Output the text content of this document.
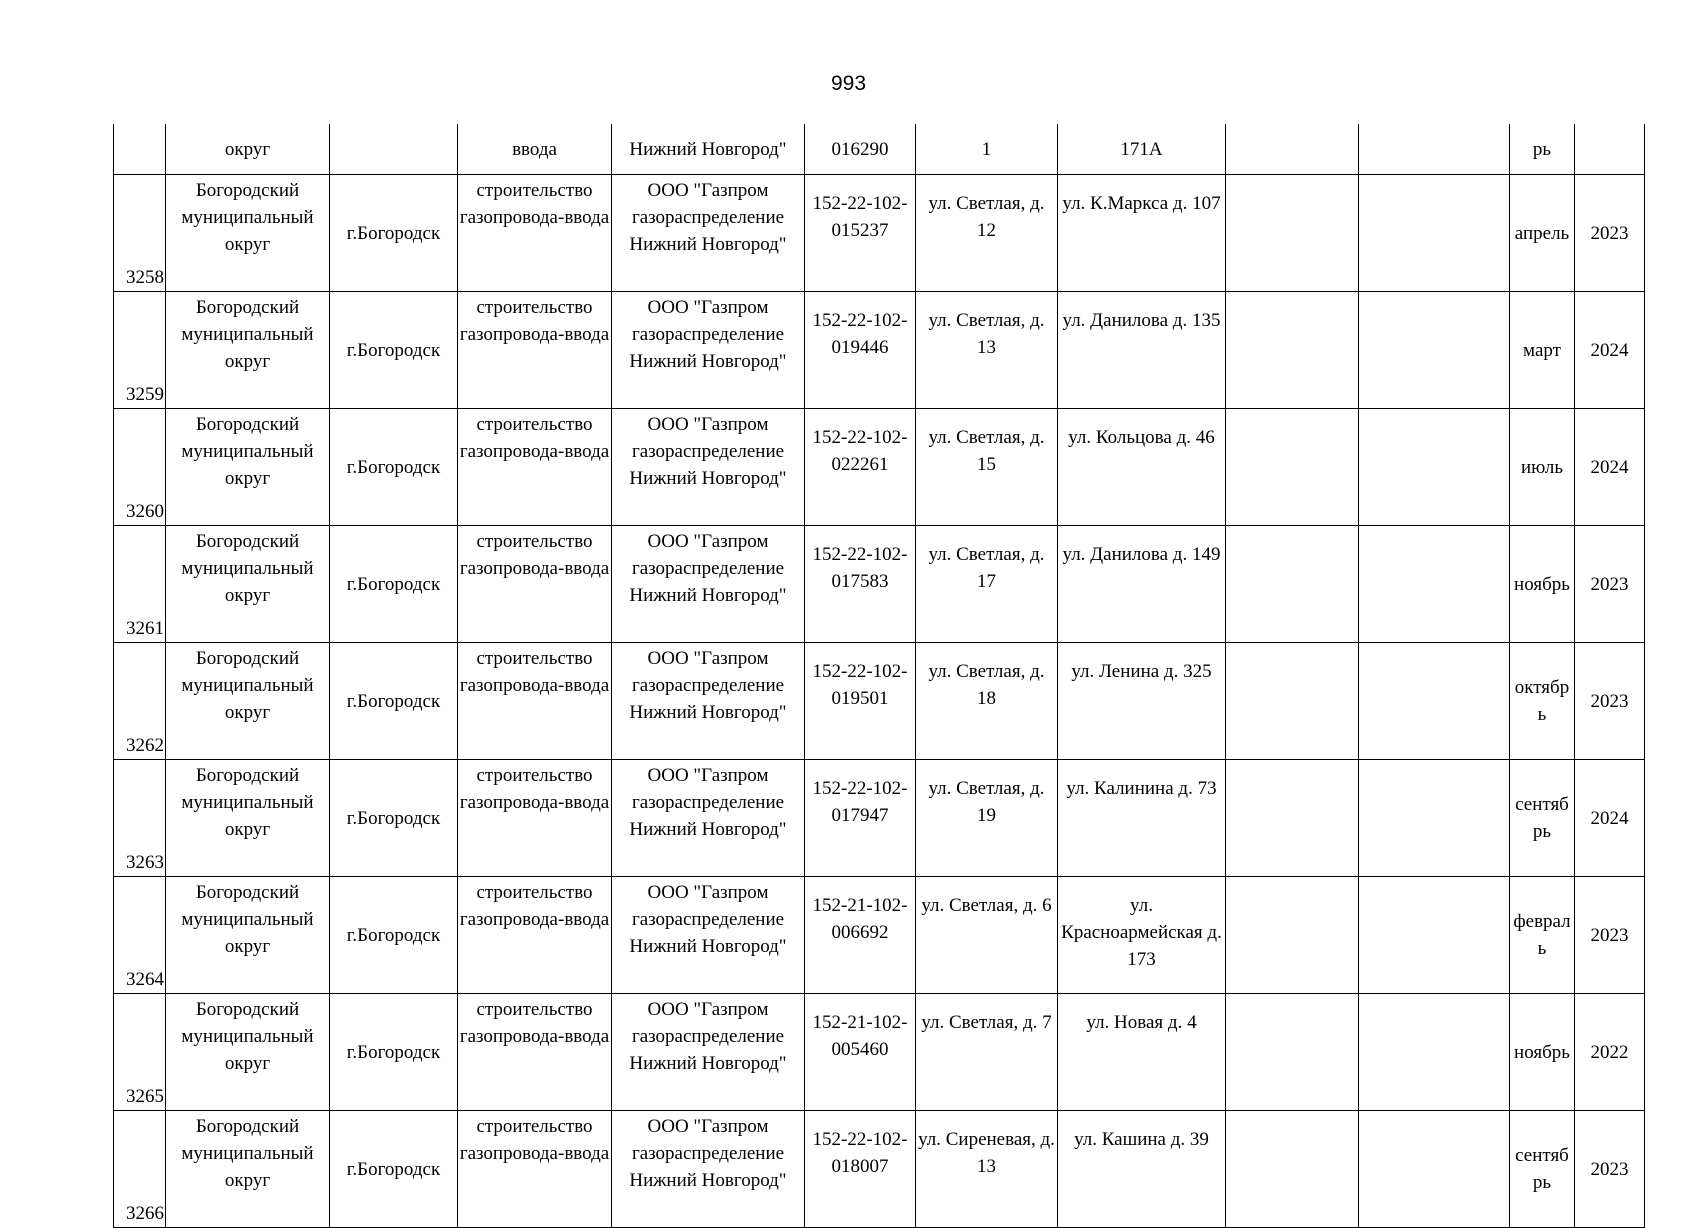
993
	округ		ввода	Нижний Новгород"	016290	1	171А			рь	
3258	Богородский муниципальный округ	г.Богородск	строительство газопровода-ввода	ООО "Газпром газораспределение Нижний Новгород"	152-22-102-015237	ул. Светлая, д. 12	ул. К.Маркса д. 107			апрель	2023
3259	Богородский муниципальный округ	г.Богородск	строительство газопровода-ввода	ООО "Газпром газораспределение Нижний Новгород"	152-22-102-019446	ул. Светлая, д. 13	ул. Данилова д. 135			март	2024
3260	Богородский муниципальный округ	г.Богородск	строительство газопровода-ввода	ООО "Газпром газораспределение Нижний Новгород"	152-22-102-022261	ул. Светлая, д. 15	ул. Кольцова д. 46			июль	2024
3261	Богородский муниципальный округ	г.Богородск	строительство газопровода-ввода	ООО "Газпром газораспределение Нижний Новгород"	152-22-102-017583	ул. Светлая, д. 17	ул. Данилова д. 149			ноябрь	2023
3262	Богородский муниципальный округ	г.Богородск	строительство газопровода-ввода	ООО "Газпром газораспределение Нижний Новгород"	152-22-102-019501	ул. Светлая, д. 18	ул. Ленина д. 325			октябрь	2023
3263	Богородский муниципальный округ	г.Богородск	строительство газопровода-ввода	ООО "Газпром газораспределение Нижний Новгород"	152-22-102-017947	ул. Светлая, д. 19	ул. Калинина д. 73			сентябрь	2024
3264	Богородский муниципальный округ	г.Богородск	строительство газопровода-ввода	ООО "Газпром газораспределение Нижний Новгород"	152-21-102-006692	ул. Светлая, д. 6	ул. Красноармейская д. 173			февраль	2023
3265	Богородский муниципальный округ	г.Богородск	строительство газопровода-ввода	ООО "Газпром газораспределение Нижний Новгород"	152-21-102-005460	ул. Светлая, д. 7	ул. Новая д. 4			ноябрь	2022
3266	Богородский муниципальный округ	г.Богородск	строительство газопровода-ввода	ООО "Газпром газораспределение Нижний Новгород"	152-22-102-018007	ул. Сиреневая, д. 13	ул. Кашина д. 39			сентябрь	2023
